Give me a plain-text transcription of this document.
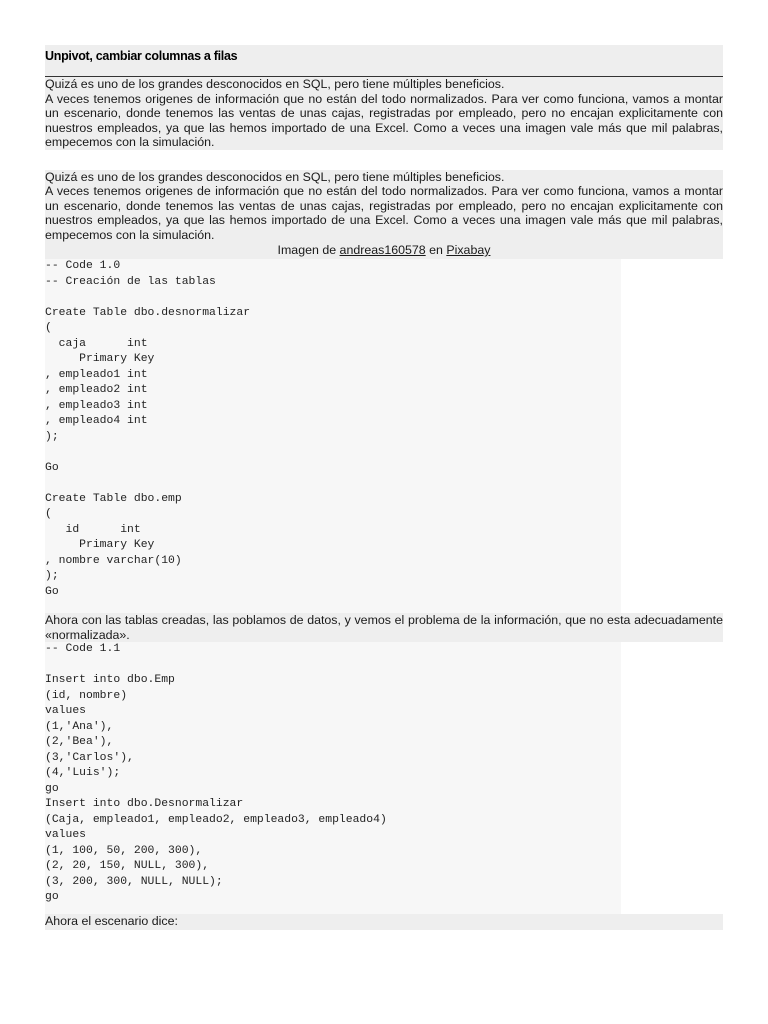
Unpivot, cambiar columnas a filas

Quizá es uno de los grandes desconocidos en SQL, pero tiene múltiples beneficios.

A veces tenemos origenes de información que no están del todo normalizados. Para ver como funciona, vamos a montar un escenario, donde tenemos las ventas de unas cajas, registradas por empleado, pero no encajan explicitamente con nuestros empleados, ya que las hemos importado de una Excel. Como a veces una imagen vale más que mil palabras, empecemos con la simulación.

Quizá es uno de los grandes desconocidos en SQL, pero tiene múltiples beneficios.

A veces tenemos origenes de información que no están del todo normalizados. Para ver como funciona, vamos a montar un escenario, donde tenemos las ventas de unas cajas, registradas por empleado, pero no encajan explicitamente con nuestros empleados, ya que las hemos importado de una Excel. Como a veces una imagen vale más que mil palabras, empecemos con la simulación.

Imagen de andreas160578 en Pixabay
-- Code 1.0
-- Creación de las tablas

Create Table dbo.desnormalizar
(
caja      int
Primary Key
, empleado1 int
, empleado2 int
, empleado3 int
, empleado4 int
);

Go

Create Table dbo.emp
(
id      int
Primary Key
, nombre varchar(10)
);
Go

Ahora con las tablas creadas, las poblamos de datos, y vemos el problema de la información, que no esta adecuadamente «normalizada».

-- Code 1.1

Insert into dbo.Emp
(id, nombre)
values
(1,'Ana'),
(2,'Bea'),
(3,'Carlos'),
(4,'Luis');
go
Insert into dbo.Desnormalizar
(Caja, empleado1, empleado2, empleado3, empleado4)
values
(1, 100, 50, 200, 300),
(2, 20, 150, NULL, 300),
(3, 200, 300, NULL, NULL);
go
Ahora el escenario dice:
